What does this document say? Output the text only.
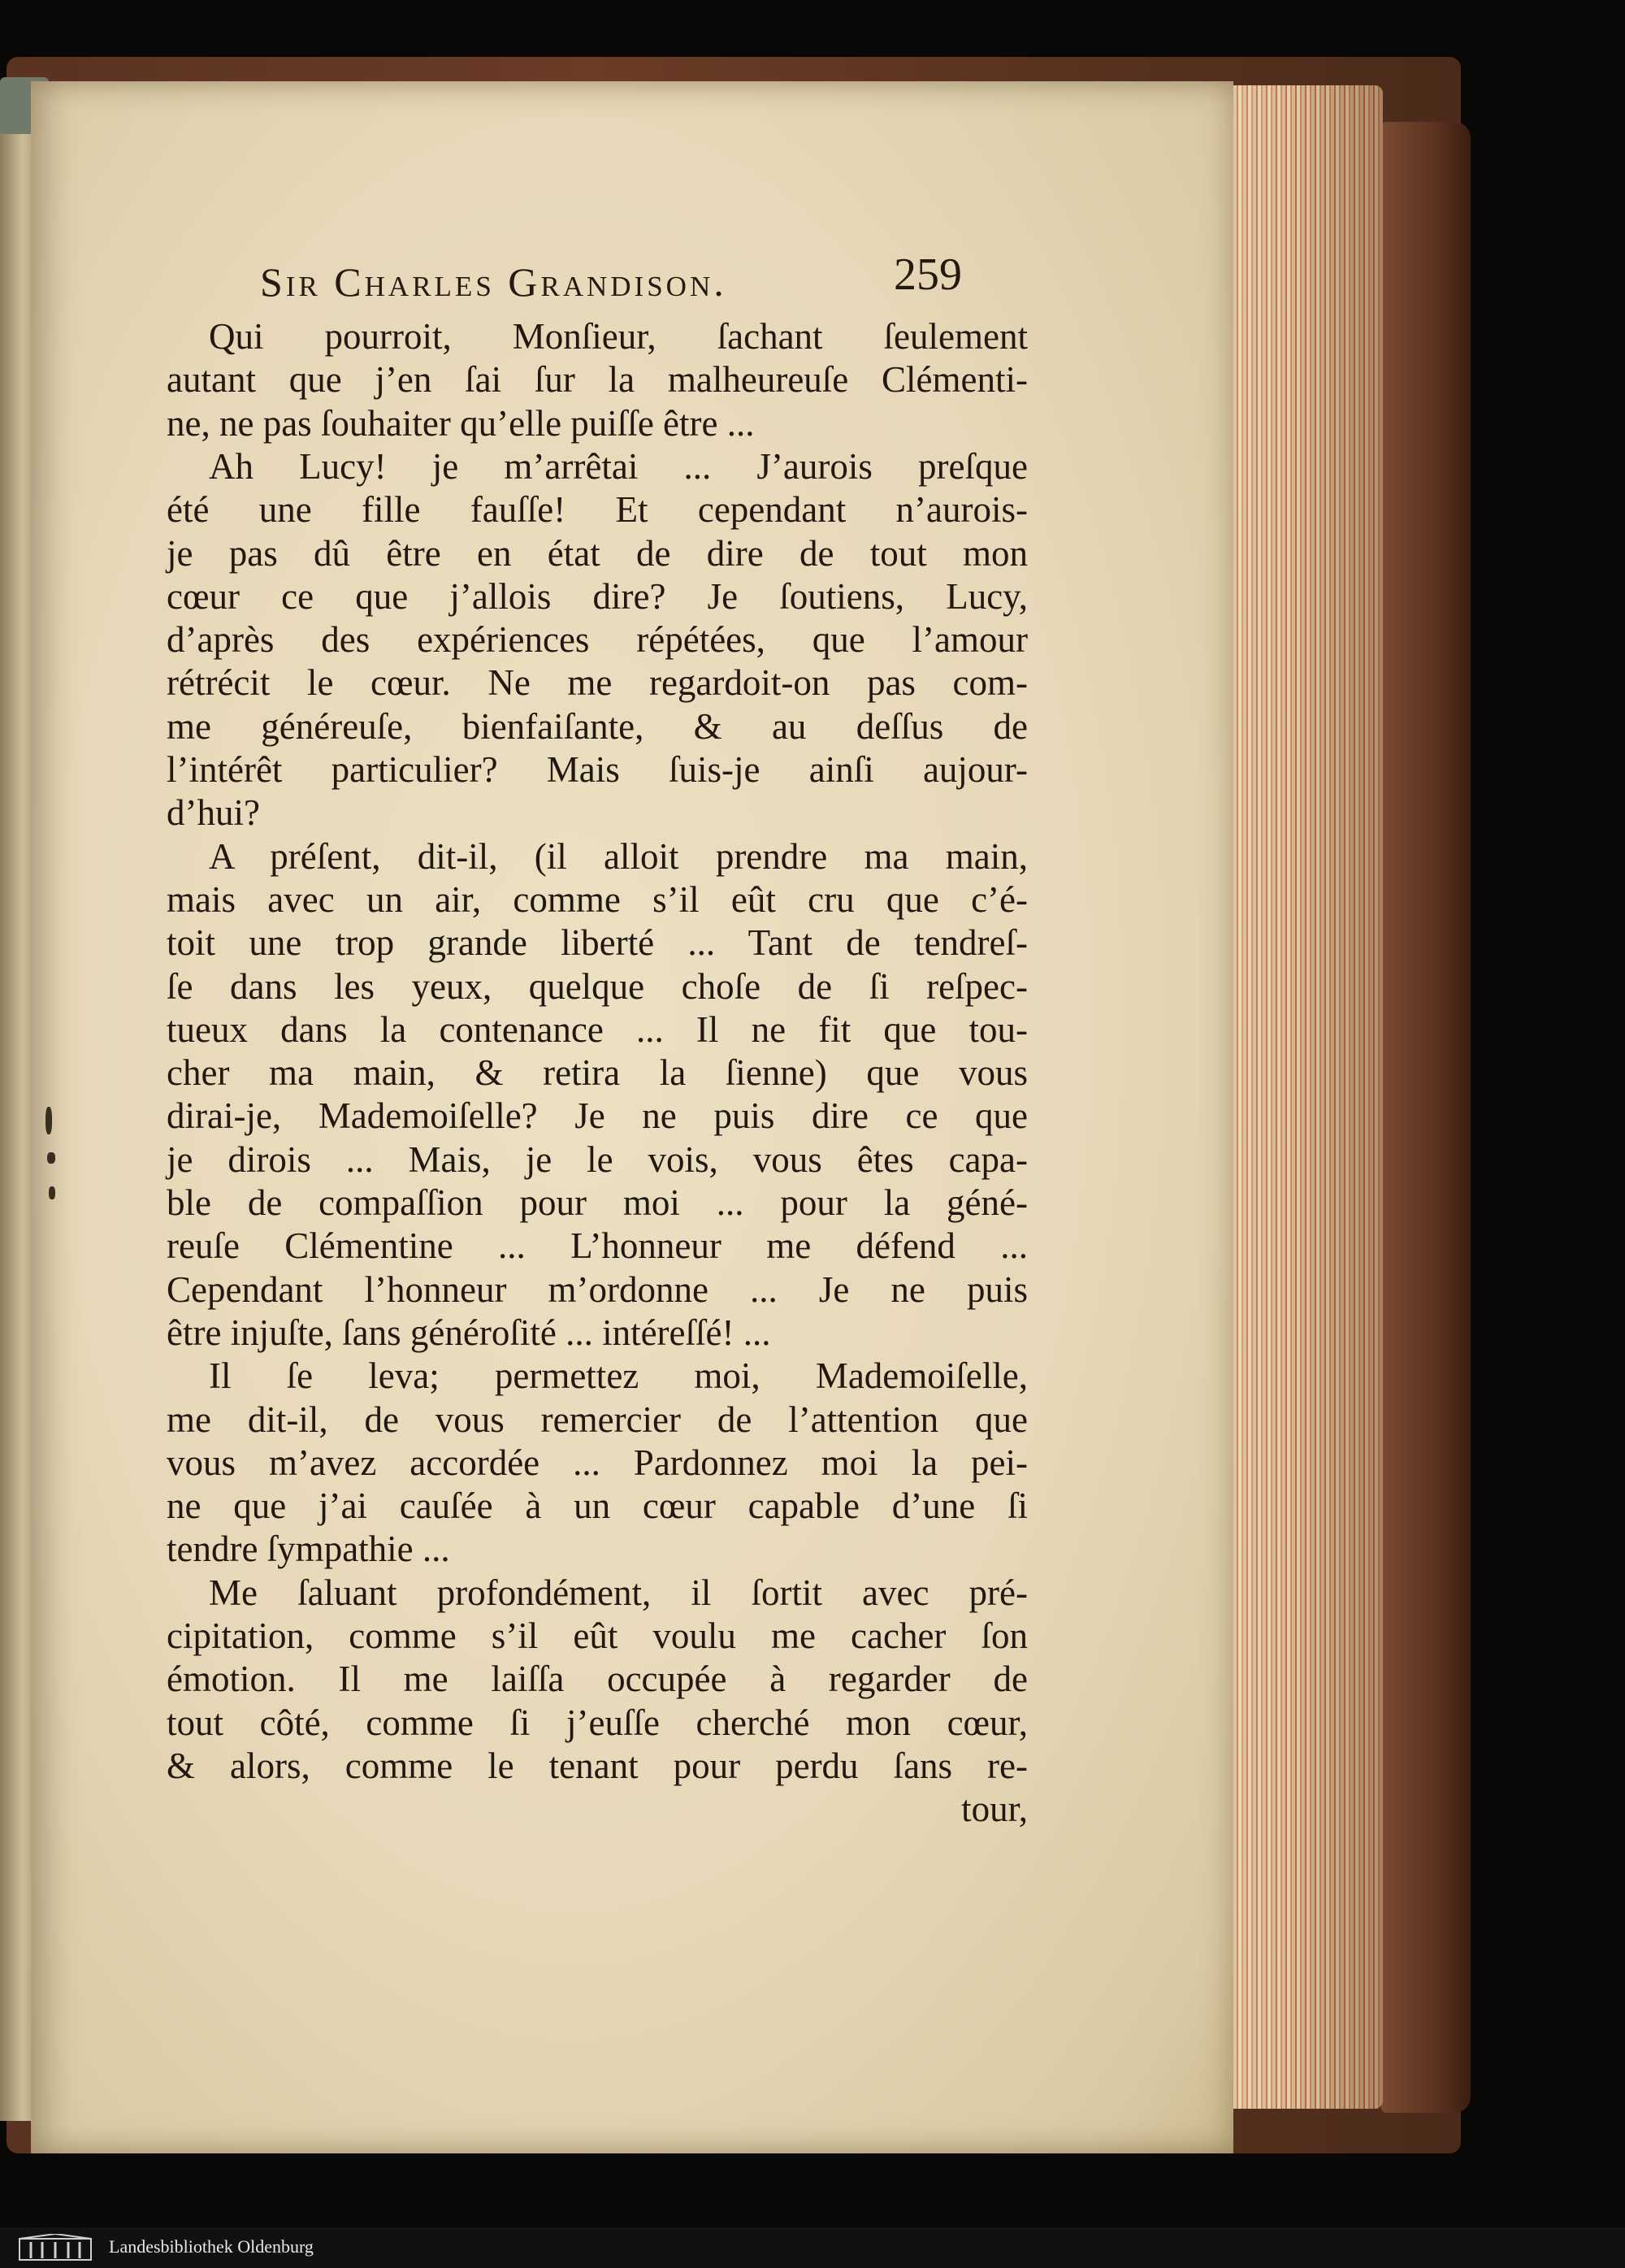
Sir Charles Grandison.	259
Qui pourroit, Monſieur, ſachant ſeulement
autant que j’en ſai ſur la malheureuſe Clémenti-
ne, ne pas ſouhaiter qu’elle puiſſe être ...
Ah Lucy! je m’arrêtai ... J’aurois preſque
été une fille fauſſe! Et cependant n’aurois-
je pas dû être en état de dire de tout mon
cœur ce que j’allois dire? Je ſoutiens, Lucy,
d’après des expériences répétées, que l’amour
rétrécit le cœur. Ne me regardoit-on pas com-
me généreuſe, bienfaiſante, & au deſſus de
l’intérêt particulier? Mais ſuis-je ainſi aujour-
d’hui?
A préſent, dit-il, (il alloit prendre ma main,
mais avec un air, comme s’il eût cru que c’é-
toit une trop grande liberté ... Tant de tendreſ-
ſe dans les yeux, quelque choſe de ſi reſpec-
tueux dans la contenance ... Il ne fit que tou-
cher ma main, & retira la ſienne) que vous
dirai-je, Mademoiſelle? Je ne puis dire ce que
je dirois ... Mais, je le vois, vous êtes capa-
ble de compaſſion pour moi ... pour la géné-
reuſe Clémentine ... L’honneur me défend ...
Cependant l’honneur m’ordonne ... Je ne puis
être injuſte, ſans généroſité ... intéreſſé! ...
Il ſe leva; permettez moi, Mademoiſelle,
me dit-il, de vous remercier de l’attention que
vous m’avez accordée ... Pardonnez moi la pei-
ne que j’ai cauſée à un cœur capable d’une ſi
tendre ſympathie ...
Me ſaluant profondément, il ſortit avec pré-
cipitation, comme s’il eût voulu me cacher ſon
émotion. Il me laiſſa occupée à regarder de
tout côté, comme ſi j’euſſe cherché mon cœur,
& alors, comme le tenant pour perdu ſans re-
tour,
Landesbibliothek Oldenburg
